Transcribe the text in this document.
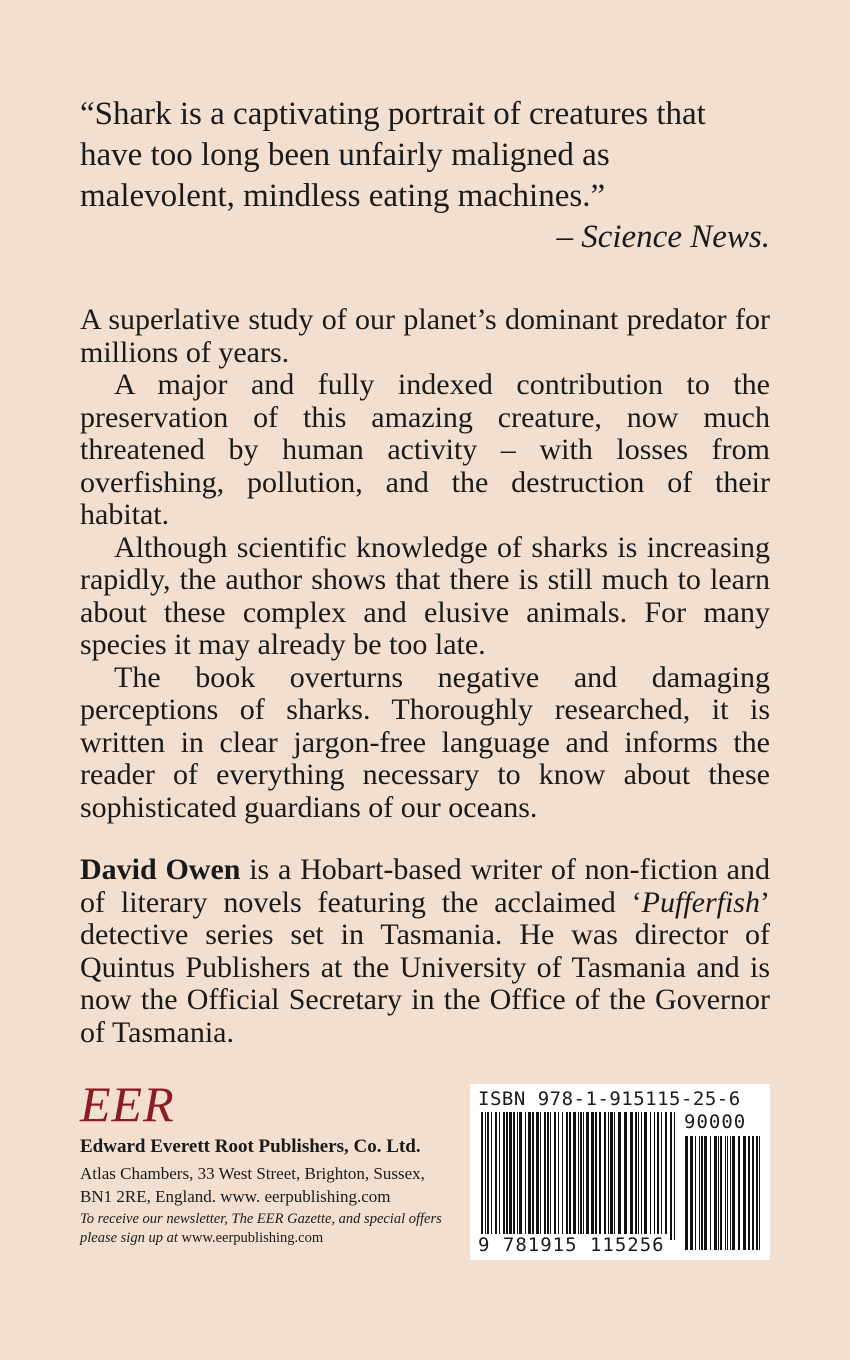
“Shark is a captivating portrait of creatures that have too long been unfairly maligned as malevolent, mindless eating machines.”

– Science News.

A superlative study of our planet’s dominant predator for millions of years.

A major and fully indexed contribution to the preservation of this amazing creature, now much threatened by human activity – with losses from overfishing, pollution, and the destruction of their habitat.

Although scientific knowledge of sharks is increasing rapidly, the author shows that there is still much to learn about these complex and elusive animals. For many species it may already be too late.

The book overturns negative and damaging perceptions of sharks. Thoroughly researched, it is written in clear jargon-free language and informs the reader of everything necessary to know about these sophisticated guardians of our oceans.

David Owen is a Hobart-based writer of non-fiction and of literary novels featuring the acclaimed ‘Pufferfish’ detective series set in Tasmania. He was director of Quintus Publishers at the University of Tasmania and is now the Official Secretary in the Office of the Governor of Tasmania.

EER

Edward Everett Root Publishers, Co. Ltd.

Atlas Chambers, 33 West Street, Brighton, Sussex, BN1 2RE, England. www. eerpublishing.com

To receive our newsletter, The EER Gazette, and special offers please sign up at www.eerpublishing.com

ISBN 978-1-915115-25-6
90000
9 781915 115256
